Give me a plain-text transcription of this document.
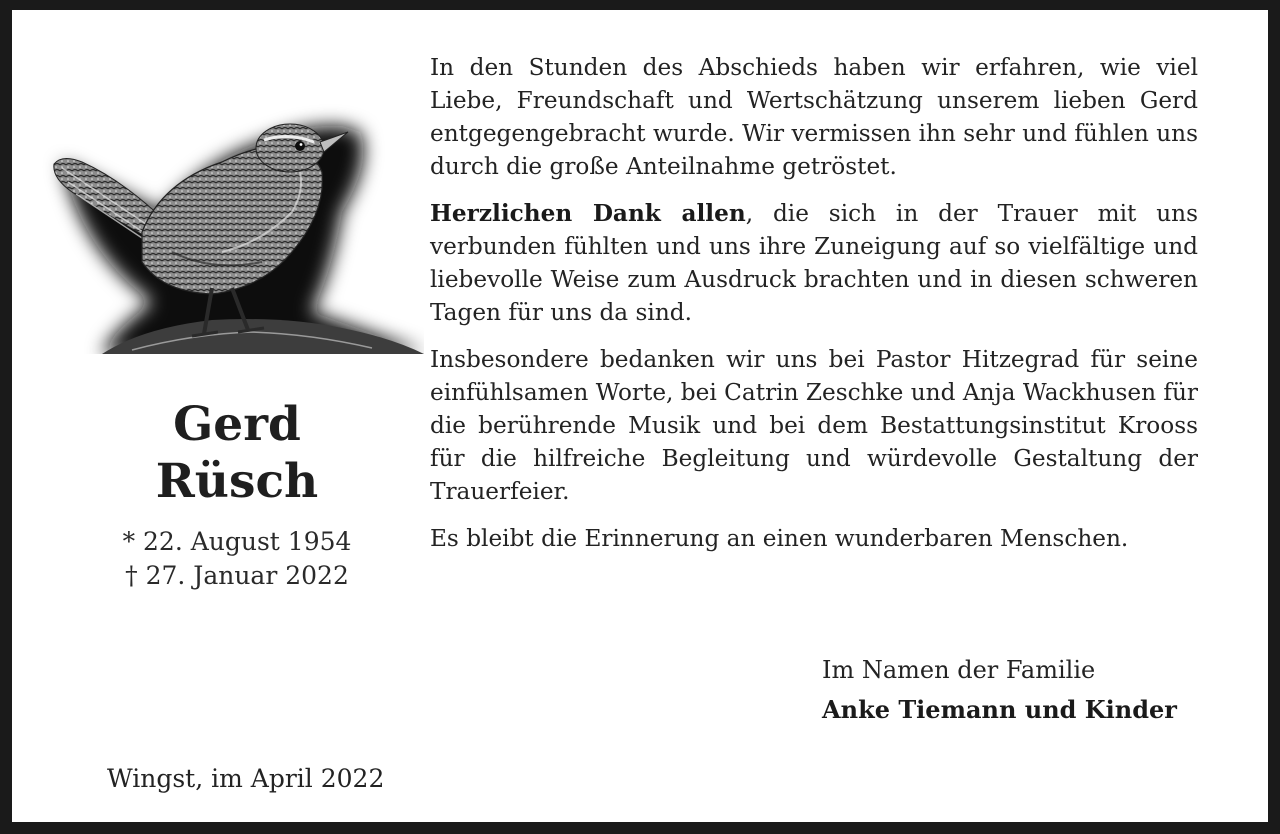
Gerd
Rüsch
* 22. August 1954
† 27. Januar 2022

In den Stunden des Abschieds haben wir erfahren, wie viel Liebe, Freundschaft und Wertschätzung unserem lieben Gerd entgegengebracht wurde. Wir vermissen ihn sehr und fühlen uns durch die große Anteilnahme getröstet.

Herzlichen Dank allen, die sich in der Trauer mit uns verbunden fühlten und uns ihre Zuneigung auf so vielfältige und liebevolle Weise zum Ausdruck brachten und in diesen schweren Tagen für uns da sind.

Insbesondere bedanken wir uns bei Pastor Hitzegrad für seine einfühlsamen Worte, bei Catrin Zeschke und Anja Wackhusen für die berührende Musik und bei dem Bestattungsinstitut Krooss für die hilfreiche Begleitung und würdevolle Gestaltung der Trauerfeier.

Es bleibt die Erinnerung an einen wunderbaren Menschen.

Im Namen der Familie
Anke Tiemann und Kinder
Wingst, im April 2022
